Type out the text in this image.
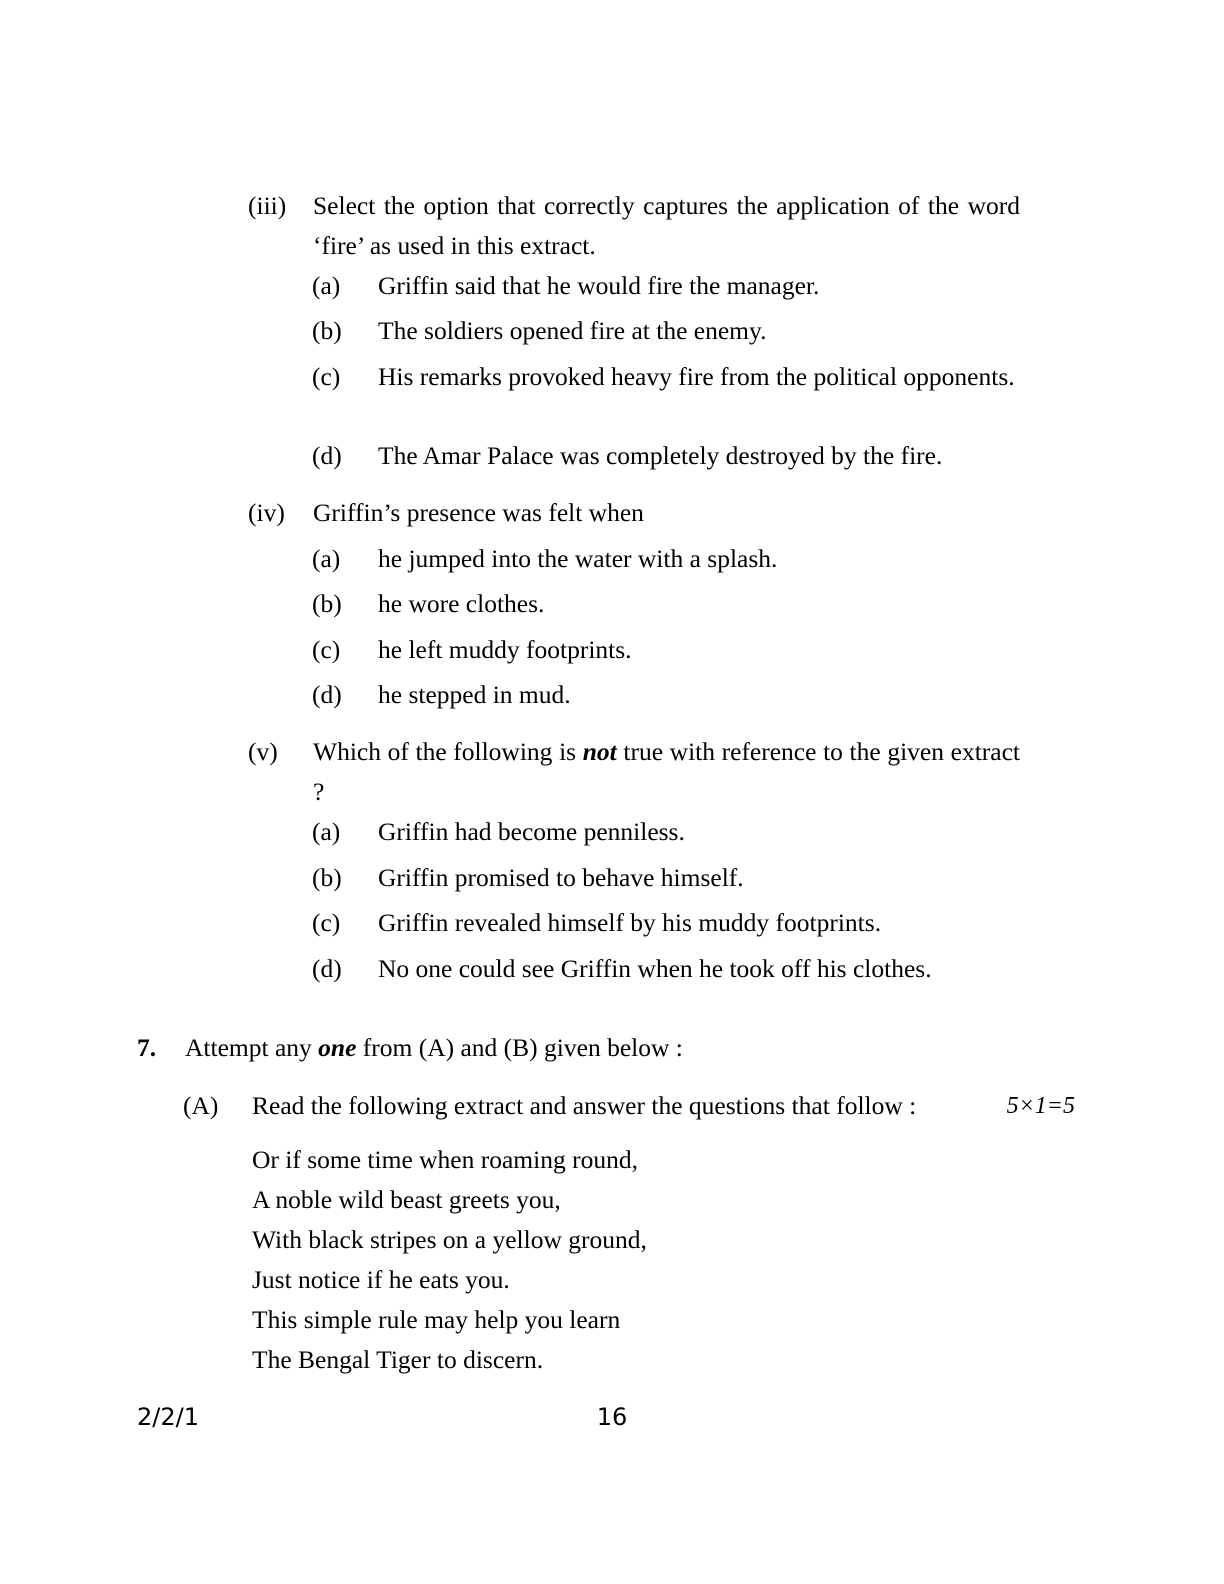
(iii) Select the option that correctly captures the application of the word ‘fire’ as used in this extract.
(a) Griffin said that he would fire the manager.
(b) The soldiers opened fire at the enemy.
(c) His remarks provoked heavy fire from the political opponents.
(d) The Amar Palace was completely destroyed by the fire.
(iv) Griffin’s presence was felt when
(a) he jumped into the water with a splash.
(b) he wore clothes.
(c) he left muddy footprints.
(d) he stepped in mud.
(v) Which of the following is not true with reference to the given extract ?
(a) Griffin had become penniless.
(b) Griffin promised to behave himself.
(c) Griffin revealed himself by his muddy footprints.
(d) No one could see Griffin when he took off his clothes.
7. Attempt any one from (A) and (B) given below :
(A) Read the following extract and answer the questions that follow :	5×1=5
Or if some time when roaming round,
A noble wild beast greets you,
With black stripes on a yellow ground,
Just notice if he eats you.
This simple rule may help you learn
The Bengal Tiger to discern.
2/2/1	16
